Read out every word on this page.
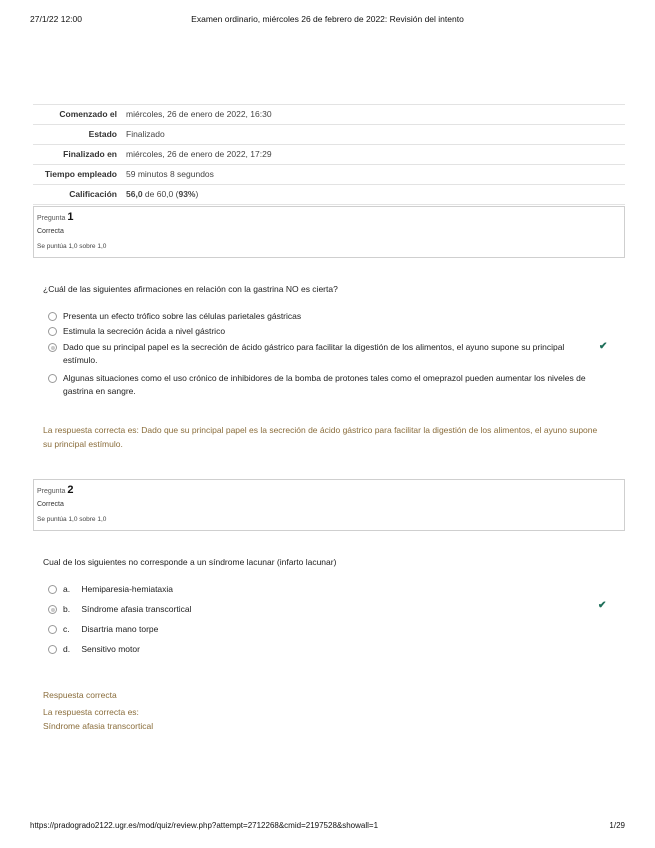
27/1/22 12:00	Examen ordinario, miércoles 26 de febrero de 2022: Revisión del intento
Comenzado el	miércoles, 26 de enero de 2022, 16:30
Estado	Finalizado
Finalizado en	miércoles, 26 de enero de 2022, 17:29
Tiempo empleado	59 minutos 8 segundos
Calificación	56,0 de 60,0 (93%)
Pregunta 1
Correcta
Se puntúa 1,0 sobre 1,0
¿Cuál de las siguientes afirmaciones en relación con la gastrina NO es cierta?
Presenta un efecto trófico sobre las células parietales gástricas
Estimula la secreción ácida a nivel gástrico
Dado que su principal papel es la secreción de ácido gástrico para facilitar la digestión de los alimentos, el ayuno supone su principal estímulo.
✔
Algunas situaciones como el uso crónico de inhibidores de la bomba de protones tales como el omeprazol pueden aumentar los niveles de gastrina en sangre.
La respuesta correcta es: Dado que su principal papel es la secreción de ácido gástrico para facilitar la digestión de los alimentos, el ayuno supone su principal estímulo.
Pregunta 2
Correcta
Se puntúa 1,0 sobre 1,0
Cual de los siguientes no corresponde a un síndrome lacunar (infarto lacunar)
a. Hemiparesia-hemiataxia
b. Síndrome afasia transcortical	✔
c. Disartria mano torpe
d. Sensitivo motor
Respuesta correcta
La respuesta correcta es:
Síndrome afasia transcortical
https://pradogrado2122.ugr.es/mod/quiz/review.php?attempt=2712268&cmid=2197528&showall=1	1/29
